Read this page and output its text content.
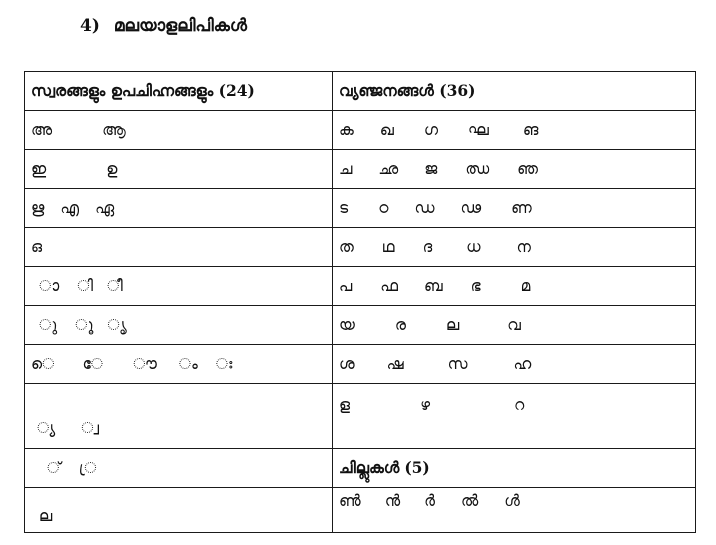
4) മലയാളലിപികൾ
സ്വരങ്ങളും ഉപചിഹ്നങ്ങളും (24)	വ്യഞ്ജനങ്ങൾ (36)

അ ആ	ക ഖ ഗ ഘ ങ

ഇ ഉ	ച ഛ ജ ഝ ഞ

ഋ എ ഏ	ട ഠ ഡ ഢ ണ

ഒ	ത ഥ ദ ധ ന

ാ ി ീ	പ ഫ ബ ഭ മ

ു ൂ ൃ	യ ര ല വ

െ േ ൗ ം ഃ	ശ ഷ സ ഹ

്യ ്വ	ള ഴ റ

് ്ര	ചില്ലുകൾ (5)

ല	ൺ ൻ ർ ൽ ൾ
